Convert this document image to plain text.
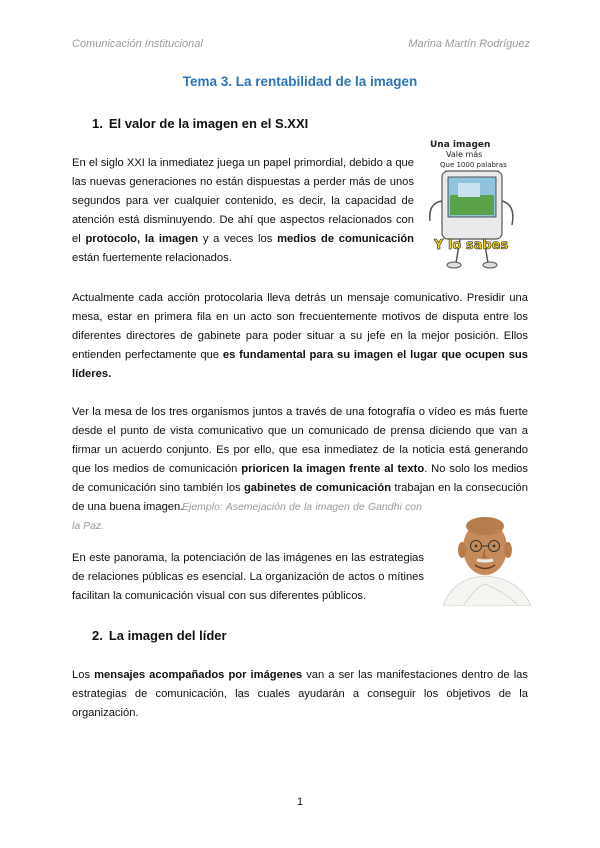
Comunicación Institucional	Marina Martín Rodríguez
Tema 3. La rentabilidad de la imagen
1. El valor de la imagen en el S.XXI
Una imagen
Vale más
Que 1000 palabras
Y lo sabes
En el siglo XXI la inmediatez juega un papel primordial, debido a que las nuevas generaciones no están dispuestas a perder más de unos segundos para ver cualquier contenido, es decir, la capacidad de atención está disminuyendo. De ahí que aspectos relacionados con el protocolo, la imagen y a veces los medios de comunicación están fuertemente relacionados.
Actualmente cada acción protocolaria lleva detrás un mensaje comunicativo. Presidir una mesa, estar en primera fila en un acto son frecuentemente motivos de disputa entre los diferentes directores de gabinete para poder situar a su jefe en la mejor posición. Ellos entienden perfectamente que es fundamental para su imagen el lugar que ocupen sus líderes.
Ver la mesa de los tres organismos juntos a través de una fotografía o vídeo es más fuerte desde el punto de vista comunicativo que un comunicado de prensa diciendo que van a firmar un acuerdo conjunto. Es por ello, que esa inmediatez de la noticia está generando que los medios de comunicación prioricen la imagen frente al texto. No solo los medios de comunicación sino también los gabinetes de comunicación trabajan en la consecución de una buena imagen.
Ejemplo: Asemejación de la imagen de Gandhi con la Paz.
En este panorama, la potenciación de las imágenes en las estrategias de relaciones públicas es esencial. La organización de actos o mítines facilitan la comunicación visual con sus diferentes públicos.
2. La imagen del líder
Los mensajes acompañados por imágenes van a ser las manifestaciones dentro de las estrategias de comunicación, las cuales ayudarán a conseguir los objetivos de la organización.
1
